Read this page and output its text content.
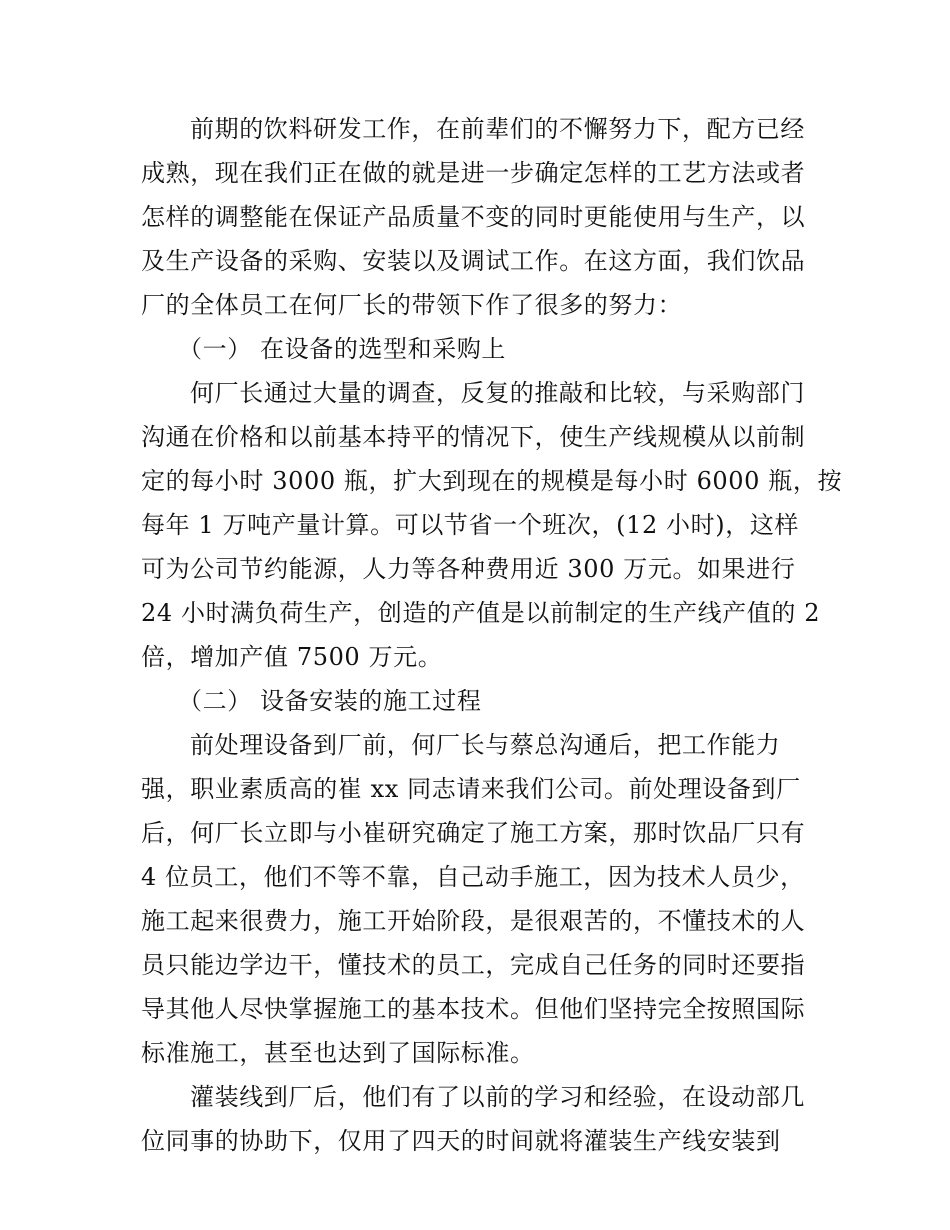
前期的饮料研发工作，在前辈们的不懈努力下，配方已经
成熟，现在我们正在做的就是进一步确定怎样的工艺方法或者
怎样的调整能在保证产品质量不变的同时更能使用与生产，以
及生产设备的采购、安装以及调试工作。在这方面，我们饮品
厂的全体员工在何厂长的带领下作了很多的努力：
（一） 在设备的选型和采购上
何厂长通过大量的调查，反复的推敲和比较，与采购部门
沟通在价格和以前基本持平的情况下，使生产线规模从以前制
定的每小时 3000 瓶，扩大到现在的规模是每小时 6000 瓶，按
每年 1 万吨产量计算。可以节省一个班次，(12 小时)，这样
可为公司节约能源，人力等各种费用近 300 万元。如果进行
24 小时满负荷生产，创造的产值是以前制定的生产线产值的 2
倍，增加产值 7500 万元。
（二） 设备安装的施工过程
前处理设备到厂前，何厂长与蔡总沟通后，把工作能力
强，职业素质高的崔 xx 同志请来我们公司。前处理设备到厂
后，何厂长立即与小崔研究确定了施工方案，那时饮品厂只有
4 位员工，他们不等不靠，自己动手施工，因为技术人员少，
施工起来很费力，施工开始阶段，是很艰苦的，不懂技术的人
员只能边学边干，懂技术的员工，完成自己任务的同时还要指
导其他人尽快掌握施工的基本技术。但他们坚持完全按照国际
标准施工，甚至也达到了国际标准。
灌装线到厂后，他们有了以前的学习和经验，在设动部几
位同事的协助下，仅用了四天的时间就将灌装生产线安装到
